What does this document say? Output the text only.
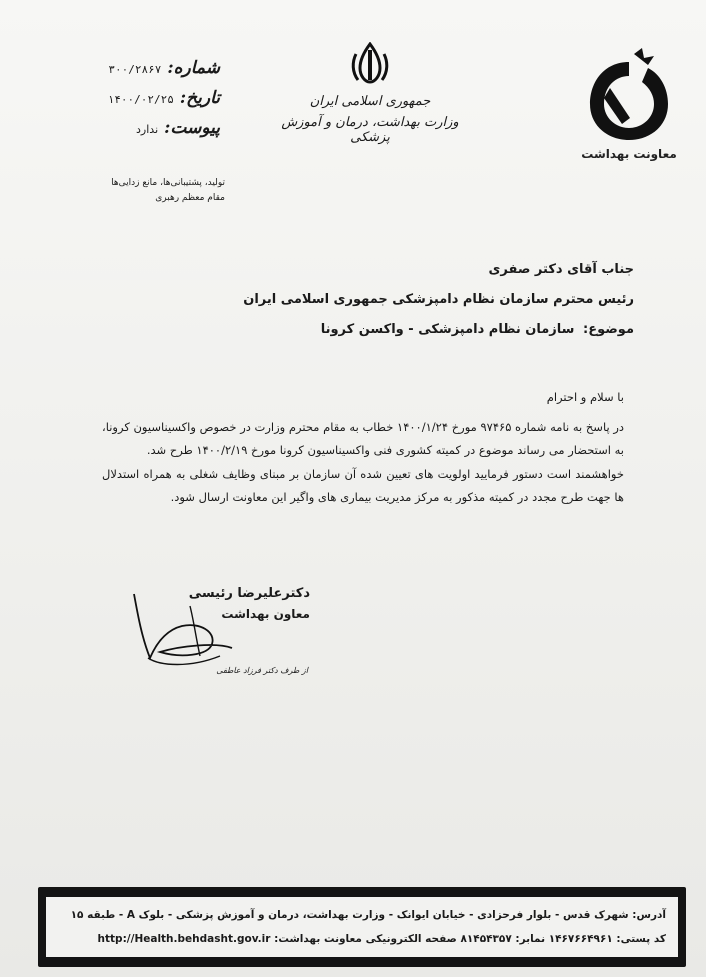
معاونت بهداشت
جمهوری اسلامی ایران
وزارت بهداشت، درمان و آموزش پزشکی
شماره:
۳۰۰/۲۸۶۷
تاریخ:
۱۴۰۰/۰۲/۲۵
پیوست:
ندارد
تولید، پشتیبانی‌ها، مانع زدایی‌ها
مقام معظم رهبری
جناب آقای دکتر صفری
رئیس محترم سازمان نظام دامپزشکی جمهوری اسلامی ایران
موضوع: سازمان نظام دامپزشکی - واکسن کرونا

با سلام و احترام

در پاسخ به نامه شماره ۹۷۴۶۵ مورخ ۱۴۰۰/۱/۲۴ خطاب به مقام محترم وزارت در خصوص واکسیناسیون کرونا، به استحضار می رساند موضوع در کمیته کشوری فنی واکسیناسیون کرونا مورخ ۱۴۰۰/۲/۱۹ طرح شد.

خواهشمند است دستور فرمایید اولویت های تعیین شده آن سازمان بر مبنای وظایف شغلی به همراه استدلال ها جهت طرح مجدد در کمیته مذکور به مرکز مدیریت بیماری های واگیر این معاونت ارسال شود.

دکترعلیرضا رئیسی
معاون بهداشت
از طرف دکتر فرزاد عاطفی
آدرس: شهرک قدس - بلوار فرحزادی - خیابان ایوانک - وزارت بهداشت، درمان و آموزش پزشکی - بلوک A - طبقه ۱۵
کد پستی: ۱۴۶۷۶۶۴۹۶۱ نمابر: ۸۱۴۵۴۳۵۷ صفحه الکترونیکی معاونت بهداشت: http://Health.behdasht.gov.ir
